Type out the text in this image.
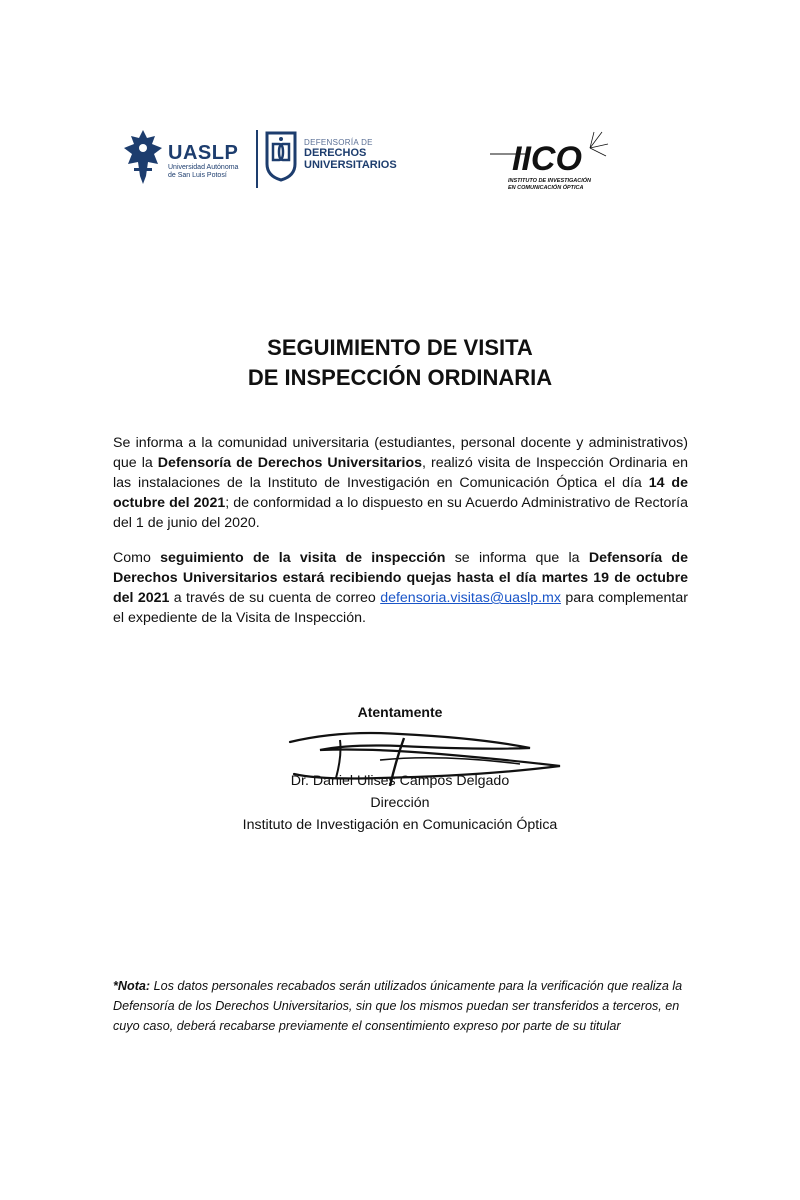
UASLP
Universidad Autónoma
de San Luis Potosí
DEFENSORÍA DE
DERECHOS
UNIVERSITARIOS	IICO
INSTITUTO DE INVESTIGACIÓN
EN COMUNICACIÓN ÓPTICA
SEGUIMIENTO DE VISITA
DE INSPECCIÓN ORDINARIA
Se informa a la comunidad universitaria (estudiantes, personal docente y administrativos) que la Defensoría de Derechos Universitarios, realizó visita de Inspección Ordinaria en las instalaciones de la Instituto de Investigación en Comunicación Óptica el día 14 de octubre del 2021; de conformidad a lo dispuesto en su Acuerdo Administrativo de Rectoría del 1 de junio del 2020.
Como seguimiento de la visita de inspección se informa que la Defensoría de Derechos Universitarios estará recibiendo quejas hasta el día martes 19 de octubre del 2021 a través de su cuenta de correo defensoria.visitas@uaslp.mx para complementar el expediente de la Visita de Inspección.
Atentamente
Dr. Daniel Ulises Campos Delgado
Dirección
Instituto de Investigación en Comunicación Óptica
*Nota: Los datos personales recabados serán utilizados únicamente para la verificación que realiza la Defensoría de los Derechos Universitarios, sin que los mismos puedan ser transferidos a terceros, en cuyo caso, deberá recabarse previamente el consentimiento expreso por parte de su titular
